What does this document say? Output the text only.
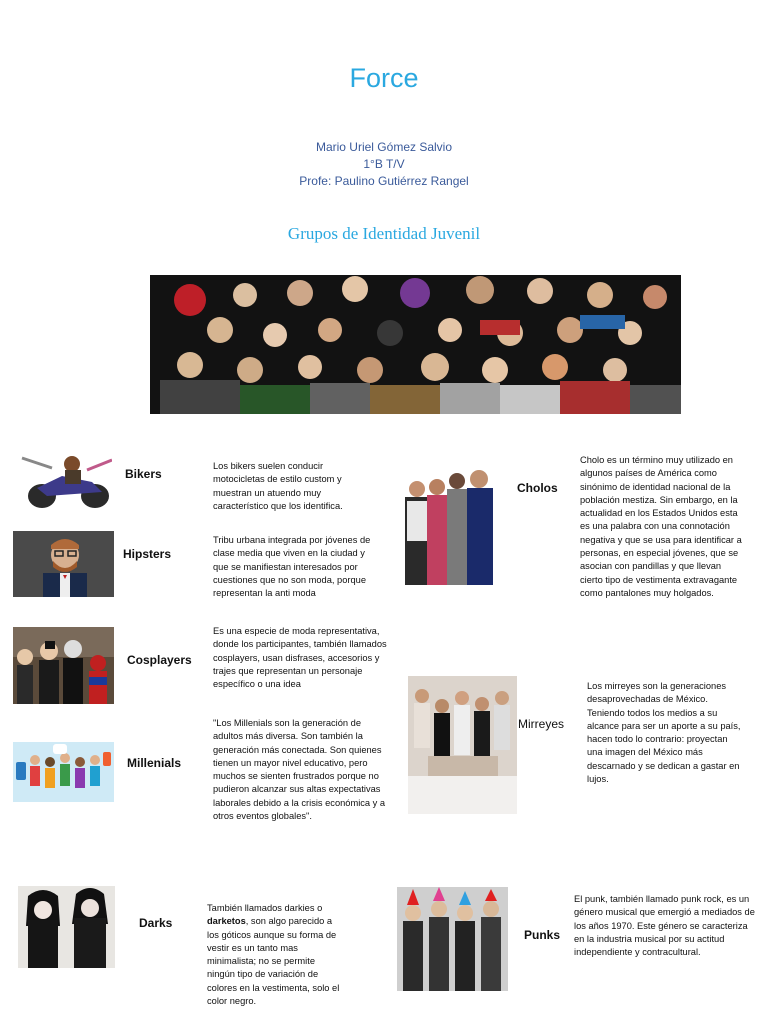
Force
Mario Uriel Gómez Salvio
1°B T/V
Profe: Paulino Gutiérrez Rangel
Grupos de Identidad Juvenil
Bikers
Los bikers suelen conducir motocicletas de estilo custom y muestran un atuendo muy característico que los identifica.
Hipsters
Tribu urbana integrada por jóvenes de clase media que viven en la ciudad y que se manifiestan interesados por cuestiones que no son moda, porque representan la anti moda
Cosplayers
Es una especie de moda representativa, donde los participantes, también llamados cosplayers, usan disfrases, accesorios y trajes que representan un personaje específico o una idea
Millenials
"Los Millenials son la generación de adultos más diversa. Son también la generación más conectada. Son quienes tienen un mayor nivel educativo, pero muchos se sienten frustrados porque no pudieron alcanzar sus altas expectativas laborales debido a la crisis económica y a otros eventos globales".
Darks
También llamados darkies o darketos, son algo parecido a los góticos aunque su forma de vestir es un tanto mas minimalista; no se permite ningún tipo de variación de colores en la vestimenta, solo el color negro.
Cholos
Cholo es un término muy utilizado en algunos países de América como sinónimo de identidad nacional de la población mestiza. Sin embargo, en la actualidad en los Estados Unidos esta es una palabra con una connotación negativa y que se usa para identificar a personas, en especial jóvenes, que se asocian con pandillas y que llevan cierto tipo de vestimenta extravagante como pantalones muy holgados.
Mirreyes
Los mirreyes son la generaciones desaprovechadas de México. Teniendo todos los medios a su alcance para ser un aporte a su país, hacen todo lo contrario: proyectan una imagen del México más descarnado y se dedican a gastar en lujos.
Punks
El punk, también llamado punk rock, es un género musical que emergió a mediados de los años 1970. Este género se caracteriza en la industria musical por su actitud independiente y contracultural.
